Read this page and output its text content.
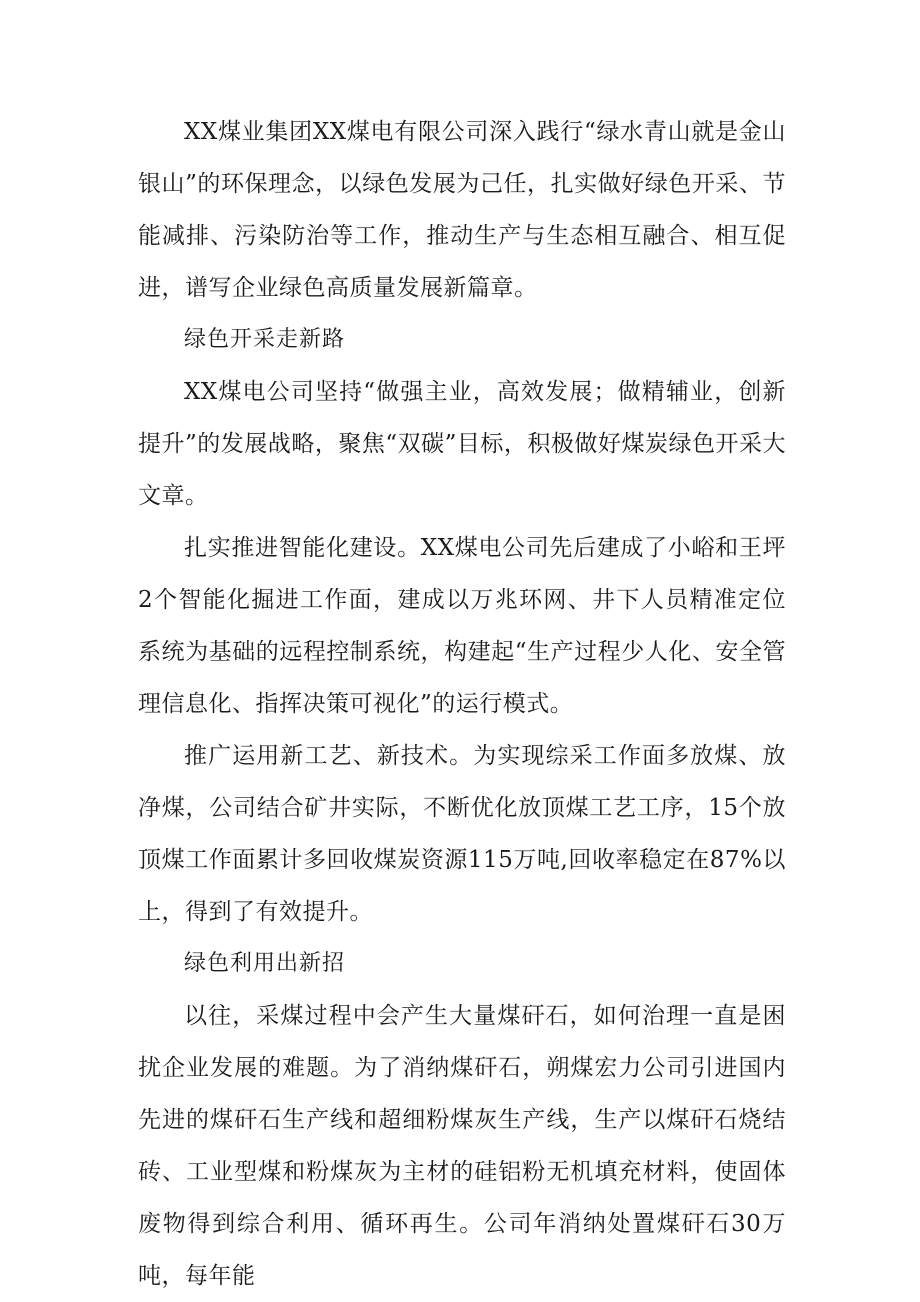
XX煤业集团XX煤电有限公司深入践行“绿水青山就是金山银山”的环保理念，以绿色发展为己任，扎实做好绿色开采、节能减排、污染防治等工作，推动生产与生态相互融合、相互促进，谱写企业绿色高质量发展新篇章。

绿色开采走新路

XX煤电公司坚持“做强主业，高效发展；做精辅业，创新提升”的发展战略，聚焦“双碳”目标，积极做好煤炭绿色开采大文章。

扎实推进智能化建设。XX煤电公司先后建成了小峪和王坪2个智能化掘进工作面，建成以万兆环网、井下人员精准定位系统为基础的远程控制系统，构建起“生产过程少人化、安全管理信息化、指挥决策可视化”的运行模式。

推广运用新工艺、新技术。为实现综采工作面多放煤、放净煤，公司结合矿井实际，不断优化放顶煤工艺工序，15个放顶煤工作面累计多回收煤炭资源115万吨,回收率稳定在87%以上，得到了有效提升。

绿色利用出新招

以往，采煤过程中会产生大量煤矸石，如何治理一直是困扰企业发展的难题。为了消纳煤矸石，朔煤宏力公司引进国内先进的煤矸石生产线和超细粉煤灰生产线，生产以煤矸石烧结砖、工业型煤和粉煤灰为主材的硅铝粉无机填充材料，使固体废物得到综合利用、循环再生。公司年消纳处置煤矸石30万吨，每年能
